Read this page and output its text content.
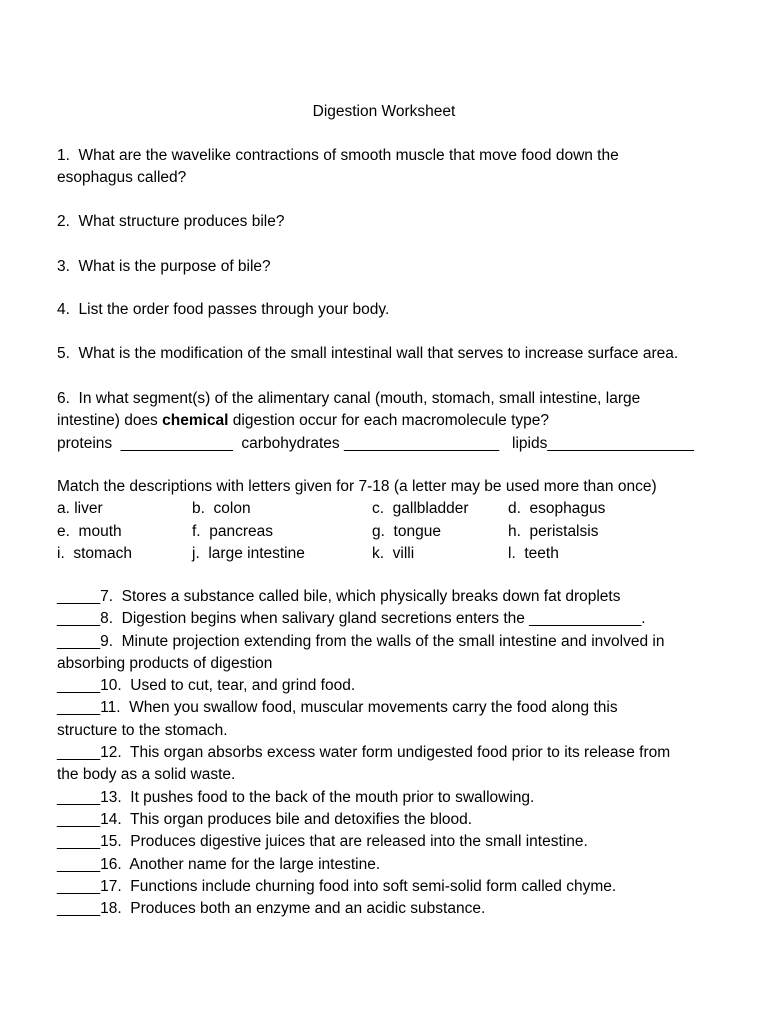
Digestion Worksheet

1.  What are the wavelike contractions of smooth muscle that move food down the

esophagus called?

2.  What structure produces bile?

3.  What is the purpose of bile?

4.  List the order food passes through your body.

5.  What is the modification of the small intestinal wall that serves to increase surface area.

6.  In what segment(s) of the alimentary canal (mouth, stomach, small intestine, large

intestine) does chemical digestion occur for each macromolecule type?

proteins  _____________  carbohydrates __________________   lipids_________________

Match the descriptions with letters given for 7-18 (a letter may be used more than once)

a. liver	b.  colon	c.  gallbladder	d.  esophagus
e.  mouth	f.  pancreas	g.  tongue	h.  peristalsis
i.  stomach	j.  large intestine	k.  villi	l.  teeth

_____7.  Stores a substance called bile, which physically breaks down fat droplets

_____8.  Digestion begins when salivary gland secretions enters the _____________.

_____9.  Minute projection extending from the walls of the small intestine and involved in

absorbing products of digestion

_____10.  Used to cut, tear, and grind food.

_____11.  When you swallow food, muscular movements carry the food along this

structure to the stomach.

_____12.  This organ absorbs excess water form undigested food prior to its release from

the body as a solid waste.

_____13.  It pushes food to the back of the mouth prior to swallowing.

_____14.  This organ produces bile and detoxifies the blood.

_____15.  Produces digestive juices that are released into the small intestine.

_____16.  Another name for the large intestine.

_____17.  Functions include churning food into soft semi-solid form called chyme.

_____18.  Produces both an enzyme and an acidic substance.
